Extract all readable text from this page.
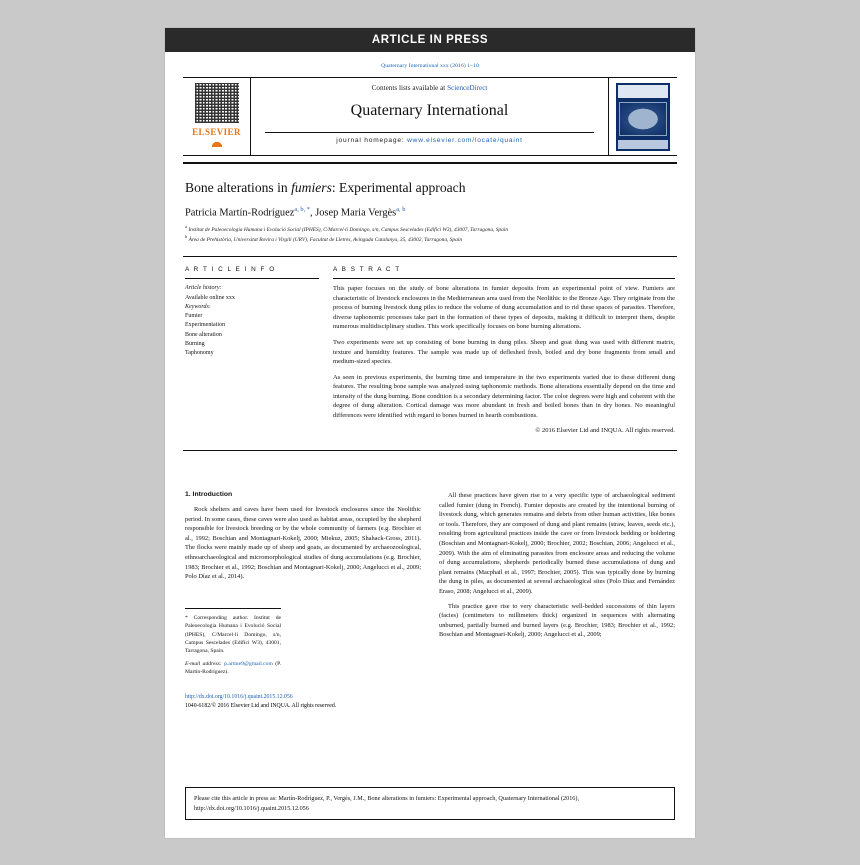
ARTICLE IN PRESS
Quaternary International xxx (2016) 1–10
ELSEVIER
Contents lists available at ScienceDirect
Quaternary International
journal homepage: www.elsevier.com/locate/quaint
Bone alterations in fumiers: Experimental approach
Patricia Martín-Rodríguez$^{a, b, *}$, Josep Maria Vergès$^{a, b}$
$^a$ Institut de Paleoecologia Humana i Evolució Social (IPHES), C/Marcel·lí Domingo, s/n, Campus Sescelades (Edifici W3), 43007, Tarragona, Spain
$^b$ Àrea de Prehistòria, Universitat Rovira i Virgili (URV), Facultat de Lletres, Avinguda Catalunya, 35, 43002, Tarragona, Spain
A R T I C L E I N F O

Article history:

Available online xxx

Keywords:

Fumier

Experimentation

Bone alteration

Burning

Taphonomy

A B S T R A C T

This paper focuses on the study of bone alterations in fumier deposits from an experimental point of view. Fumiers are characteristic of livestock enclosures in the Mediterranean area used from the Neolithic to the Bronze Age. They originate from the process of burning livestock dung piles to reduce the volume of dung accumulation and to rid these spaces of parasites. Therefore, diverse taphonomic processes take part in the formation of these types of deposits, making it difficult to interpret them, despite numerous multidisciplinary studies. This work specifically focuses on bone burning alterations.

Two experiments were set up consisting of bone burning in dung piles. Sheep and goat dung was used with different matrix, texture and humidity features. The sample was made up of defleshed fresh, boiled and dry bone fragments from small and medium-sized species.

As seen in previous experiments, the burning time and temperature in the two experiments varied due to these different dung features. The resulting bone sample was analyzed using taphonomic methods. Bone alterations essentially depend on the time and intensity of the dung burning. Bone condition is a secondary determining factor. The color degrees were high and coherent with the degree of dung alteration. Cortical damage was more abundant in fresh and boiled bones than in dry bones. No meaningful differences were identified with regard to bones burned in hearth combustions.

© 2016 Elsevier Ltd and INQUA. All rights reserved.

1. Introduction

Rock shelters and caves have been used for livestock enclosures since the Neolithic period. In some cases, these caves were also used as habitat areas, occupied by the shepherd responsible for livestock breeding or by the whole community of farmers (e.g. Brochier et al., 1992; Boschian and Montagnari-Kokelj, 2000; Miekuz, 2005; Shahack-Gross, 2011). The flocks were mainly made up of sheep and goats, as documented by archaeozoological, ethnoarchaeological and micromorphological studies of dung accumulations (e.g. Brochier, 1983; Brochier et al., 1992; Boschian and Montagnari-Kokelj, 2000; Angelucci et al., 2009; Polo Díaz et al., 2014).

* Corresponding author. Institut de Paleoecologia Humana i Evolució Social (IPHES), C/Marcel·lí Domingo, s/n, Campus Sescelades (Edifici W3), 43001, Tarragona, Spain.

E-mail address: p.artine9@gmail.com (P. Martín-Rodríguez).

http://dx.doi.org/10.1016/j.quaint.2015.12.056
1040-6182/© 2016 Elsevier Ltd and INQUA. All rights reserved.

All these practices have given rise to a very specific type of archaeological sediment called fumier (dung in French). Fumier deposits are created by the intentional burning of livestock dung, which generates remains and debris from other human activities, like bones or tools. Therefore, they are composed of dung and plant remains (straw, leaves, seeds etc.), resulting from agricultural practices inside the cave or from livestock bedding or boldering (Boschian and Montagnari-Kokelj, 2000; Brochier, 2002; Boschian, 2006; Angelucci et al., 2009). With the aim of eliminating parasites from enclosure areas and reducing the volume of dung accumulations, shepherds periodically burned these accumulations of dung and plant remains (Macphail et al., 1997; Brochier, 2005). This was typically done by burning the dung in piles, as documented at several archaeological sites (Polo Díaz and Fernández Eraso, 2008; Angelucci et al., 2009).

This practice gave rise to very characteristic well-bedded successions of thin layers (facies) (centimeters to millimeters thick) organized in sequences with alternating unburned, partially burned and burned layers (e.g. Brochier, 1983; Brochier et al., 1992; Boschian and Montagnari-Kokelj, 2000; Angelucci et al., 2009;

Please cite this article in press as: Martín-Rodríguez, P., Vergès, J.M., Bone alterations in fumiers: Experimental approach, Quaternary International (2016), http://dx.doi.org/10.1016/j.quaint.2015.12.056
